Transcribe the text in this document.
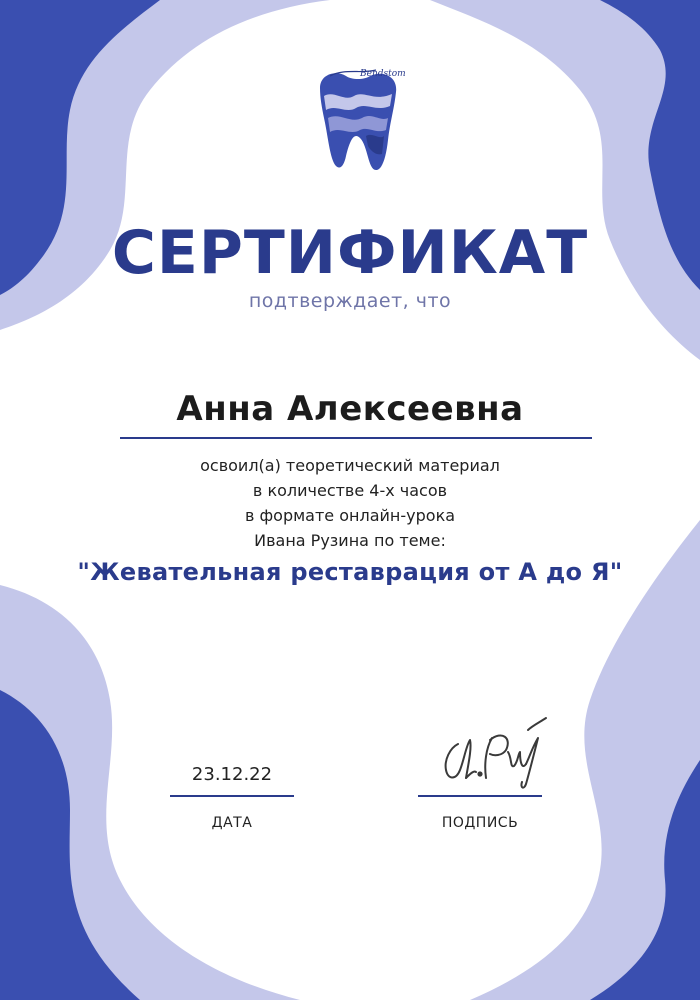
Bendstom
СЕРТИФИКАТ
подтверждает, что
Анна Алексеевна
освоил(а) теоретический материал
в количестве 4-х часов
в формате онлайн-урока
Ивана Рузина по теме:
"Жевательная реставрация от А до Я"
23.12.22
ДАТА	ПОДПИСЬ
